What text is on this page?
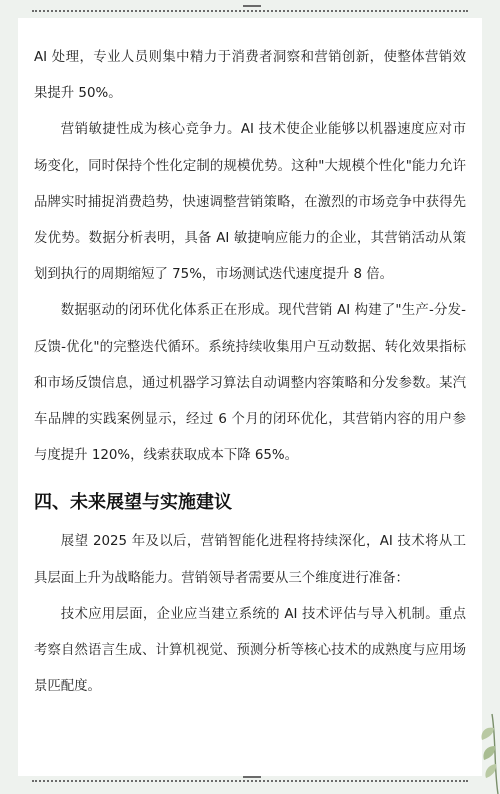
AI 处理，专业人员则集中精力于消费者洞察和营销创新，使整体营销效果提升 50%。

营销敏捷性成为核心竞争力。AI 技术使企业能够以机器速度应对市场变化，同时保持个性化定制的规模优势。这种"大规模个性化"能力允许品牌实时捕捉消费趋势，快速调整营销策略，在激烈的市场竞争中获得先发优势。数据分析表明，具备 AI 敏捷响应能力的企业，其营销活动从策划到执行的周期缩短了 75%，市场测试迭代速度提升 8 倍。

数据驱动的闭环优化体系正在形成。现代营销 AI 构建了"生产-分发-反馈-优化"的完整迭代循环。系统持续收集用户互动数据、转化效果指标和市场反馈信息，通过机器学习算法自动调整内容策略和分发参数。某汽车品牌的实践案例显示，经过 6 个月的闭环优化，其营销内容的用户参与度提升 120%，线索获取成本下降 65%。

四、未来展望与实施建议

展望 2025 年及以后，营销智能化进程将持续深化，AI 技术将从工具层面上升为战略能力。营销领导者需要从三个维度进行准备：

技术应用层面，企业应当建立系统的 AI 技术评估与导入机制。重点考察自然语言生成、计算机视觉、预测分析等核心技术的成熟度与应用场景匹配度。
